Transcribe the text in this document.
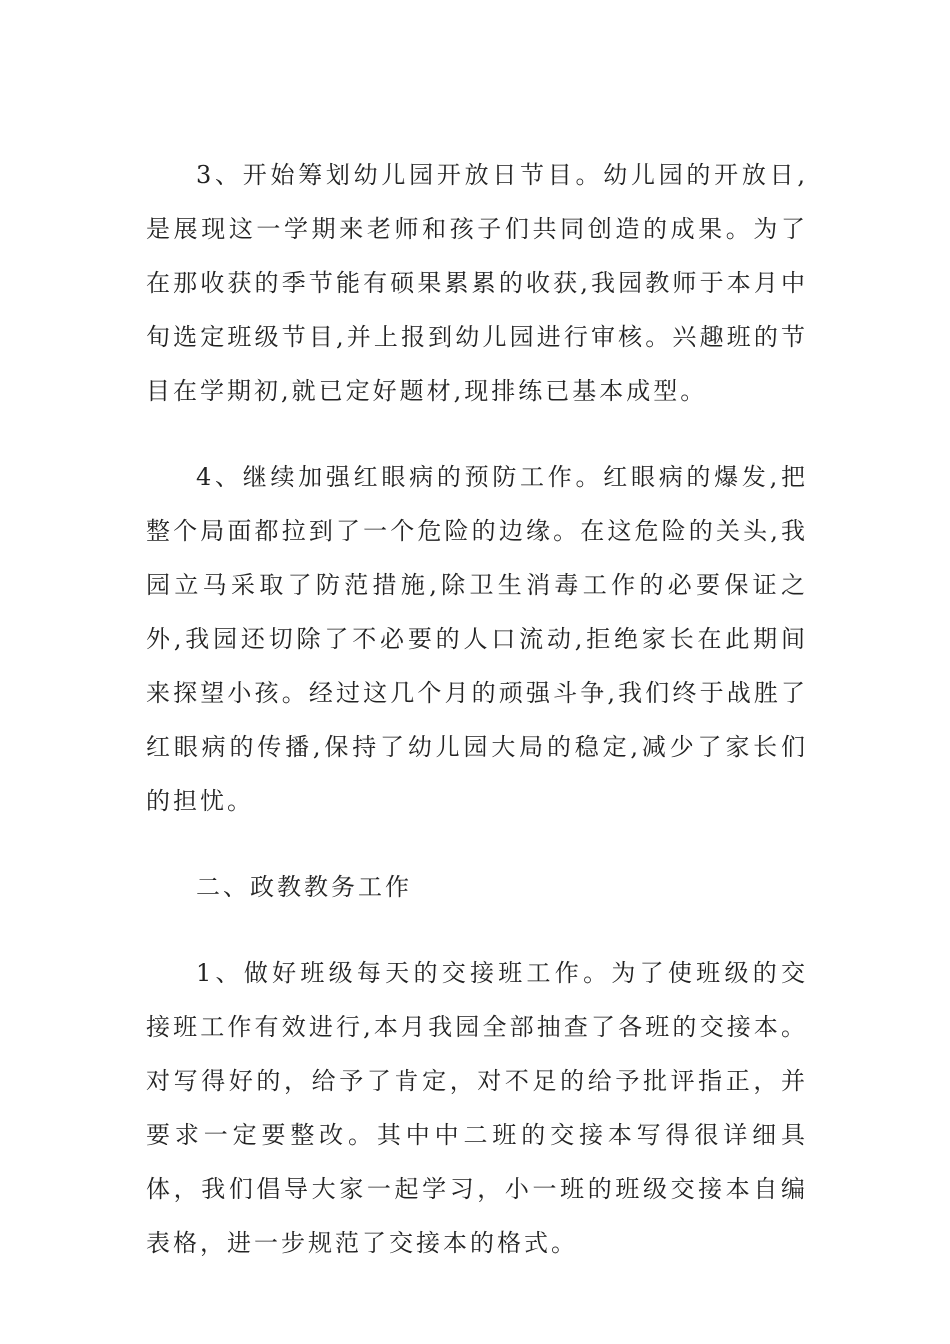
3、开始筹划幼儿园开放日节目。幼儿园的开放日,是展现这一学期来老师和孩子们共同创造的成果。为了在那收获的季节能有硕果累累的收获,我园教师于本月中旬选定班级节目,并上报到幼儿园进行审核。兴趣班的节目在学期初,就已定好题材,现排练已基本成型。

4、继续加强红眼病的预防工作。红眼病的爆发,把整个局面都拉到了一个危险的边缘。在这危险的关头,我园立马采取了防范措施,除卫生消毒工作的必要保证之外,我园还切除了不必要的人口流动,拒绝家长在此期间来探望小孩。经过这几个月的顽强斗争,我们终于战胜了红眼病的传播,保持了幼儿园大局的稳定,减少了家长们的担忧。

二、政教教务工作

1、做好班级每天的交接班工作。为了使班级的交接班工作有效进行,本月我园全部抽查了各班的交接本。对写得好的，给予了肯定，对不足的给予批评指正，并要求一定要整改。其中中二班的交接本写得很详细具体，我们倡导大家一起学习，小一班的班级交接本自编表格，进一步规范了交接本的格式。
